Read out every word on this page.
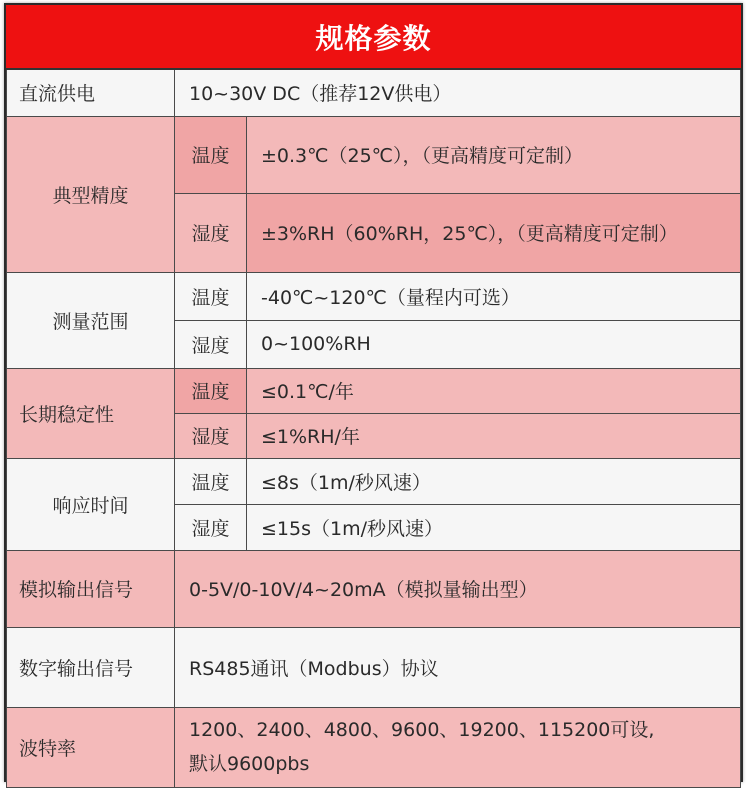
规格参数
直流供电	10~30V DC（推荐12V供电）	
典型精度	温度	±0.3℃（25℃），（更高精度可定制）
	湿度	±3%RH（60%RH，25℃），（更高精度可定制）
测量范围	温度	-40℃~120℃（量程内可选）
	湿度	0~100%RH
长期稳定性	温度	≤0.1℃/年
	湿度	≤1%RH/年
响应时间	温度	≤8s（1m/秒风速）
	湿度	≤15s（1m/秒风速）
模拟输出信号	0-5V/0-10V/4~20mA（模拟量输出型）	
数字输出信号	RS485通讯（Modbus）协议	
波特率	1200、2400、4800、9600、19200、115200可设,
默认9600pbs	
